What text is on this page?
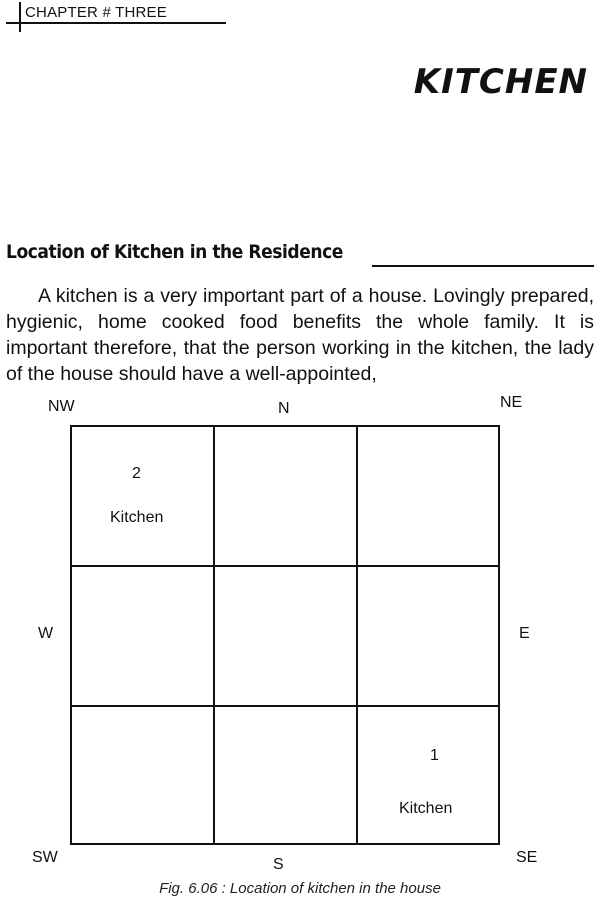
CHAPTER # THREE
KITCHEN
Location of Kitchen in the Residence

A kitchen is a very important part of a house. Lovingly prepared, hygienic, home cooked food benefits the whole family. It is important therefore, that the person working in the kitchen, the lady of the house should have a well-appointed,

NW	N	NE
W	E
SW	S	SE
2
Kitchen
1
Kitchen
Fig. 6.06 : Location of kitchen in the house
